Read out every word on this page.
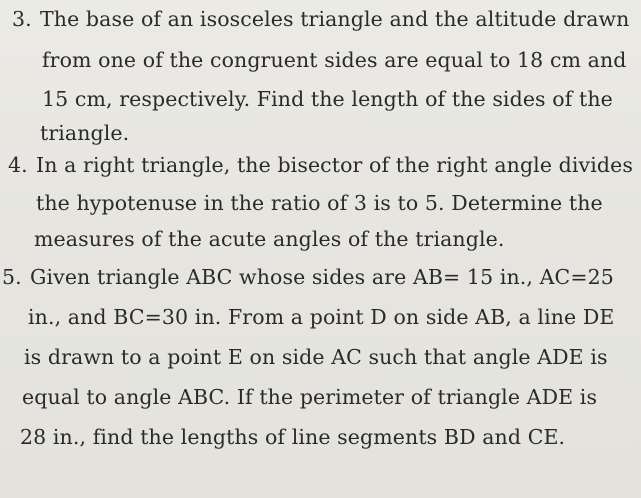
3. The base of an isosceles triangle and the altitude drawn
from one of the congruent sides are equal to 18 cm and
15 cm, respectively. Find the length of the sides of the
triangle.
4. In a right triangle, the bisector of the right angle divides
the hypotenuse in the ratio of 3 is to 5. Determine the
measures of the acute angles of the triangle.
5. Given triangle ABC whose sides are AB= 15 in., AC=25
in., and BC=30 in. From a point D on side AB, a line DE
is drawn to a point E on side AC such that angle ADE is
equal to angle ABC. If the perimeter of triangle ADE is
28 in., find the lengths of line segments BD and CE.
